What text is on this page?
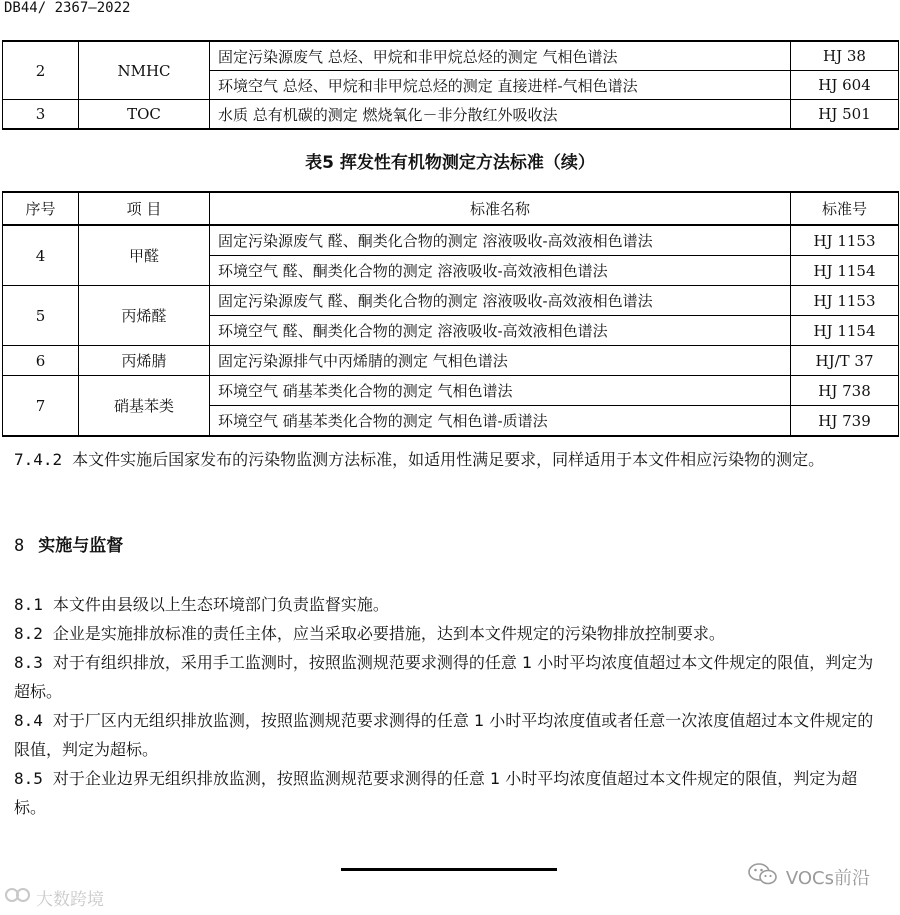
DB44/ 2367—2022
2	NMHC	固定污染源废气 总烃、甲烷和非甲烷总烃的测定 气相色谱法	HJ 38
		环境空气 总烃、甲烷和非甲烷总烃的测定 直接进样-气相色谱法	HJ 604
3	TOC	水质 总有机碳的测定 燃烧氧化－非分散红外吸收法	HJ 501
表5 挥发性有机物测定方法标准（续）
序号	项 目	标准名称	标准号
4	甲醛	固定污染源废气 醛、酮类化合物的测定 溶液吸收-高效液相色谱法	HJ 1153
		环境空气 醛、酮类化合物的测定 溶液吸收-高效液相色谱法	HJ 1154
5	丙烯醛	固定污染源废气 醛、酮类化合物的测定 溶液吸收-高效液相色谱法	HJ 1153
		环境空气 醛、酮类化合物的测定 溶液吸收-高效液相色谱法	HJ 1154
6	丙烯腈	固定污染源排气中丙烯腈的测定 气相色谱法	HJ/T 37
7	硝基苯类	环境空气 硝基苯类化合物的测定 气相色谱法	HJ 738
		环境空气 硝基苯类化合物的测定 气相色谱-质谱法	HJ 739
7.4.2 本文件实施后国家发布的污染物监测方法标准，如适用性满足要求，同样适用于本文件相应污染物的测定。
8 实施与监督
8.1 本文件由县级以上生态环境部门负责监督实施。
8.2 企业是实施排放标准的责任主体，应当采取必要措施，达到本文件规定的污染物排放控制要求。
8.3 对于有组织排放，采用手工监测时，按照监测规范要求测得的任意 1 小时平均浓度值超过本文件规定的限值，判定为超标。
8.4 对于厂区内无组织排放监测，按照监测规范要求测得的任意 1 小时平均浓度值或者任意一次浓度值超过本文件规定的限值，判定为超标。
8.5 对于企业边界无组织排放监测，按照监测规范要求测得的任意 1 小时平均浓度值超过本文件规定的限值，判定为超标。
VOCs前沿
大数跨境
